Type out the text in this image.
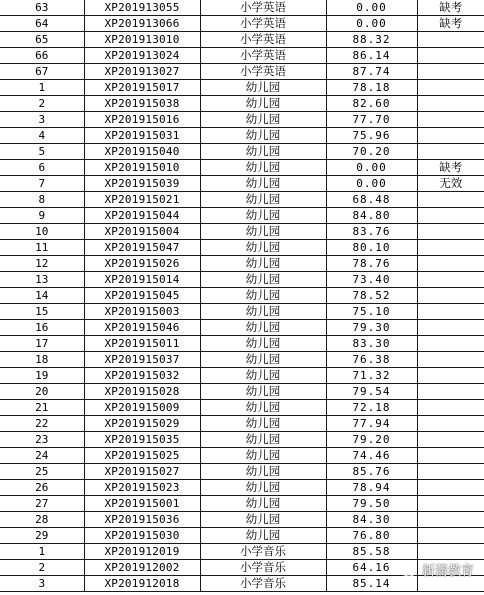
63	XP201913055	小学英语	0.00	缺考
64	XP201913066	小学英语	0.00	缺考
65	XP201913010	小学英语	88.32	
66	XP201913024	小学英语	86.14	
67	XP201913027	小学英语	87.74	
1	XP201915017	幼儿园	78.18	
2	XP201915038	幼儿园	82.60	
3	XP201915016	幼儿园	77.70	
4	XP201915031	幼儿园	75.96	
5	XP201915040	幼儿园	70.20	
6	XP201915010	幼儿园	0.00	缺考
7	XP201915039	幼儿园	0.00	无效
8	XP201915021	幼儿园	68.48	
9	XP201915044	幼儿园	84.80	
10	XP201915004	幼儿园	83.76	
11	XP201915047	幼儿园	80.10	
12	XP201915026	幼儿园	78.76	
13	XP201915014	幼儿园	73.40	
14	XP201915045	幼儿园	78.52	
15	XP201915003	幼儿园	75.10	
16	XP201915046	幼儿园	79.30	
17	XP201915011	幼儿园	83.30	
18	XP201915037	幼儿园	76.38	
19	XP201915032	幼儿园	71.32	
20	XP201915028	幼儿园	79.54	
21	XP201915009	幼儿园	72.18	
22	XP201915029	幼儿园	77.94	
23	XP201915035	幼儿园	79.20	
24	XP201915025	幼儿园	74.46	
25	XP201915027	幼儿园	85.76	
26	XP201915023	幼儿园	78.94	
27	XP201915001	幼儿园	79.50	
28	XP201915036	幼儿园	84.30	
29	XP201915030	幼儿园	76.80	
1	XP201912019	小学音乐	85.58	
2	XP201912002	小学音乐	64.16	
3	XP201912018	小学音乐	85.14	
新蒲教育
